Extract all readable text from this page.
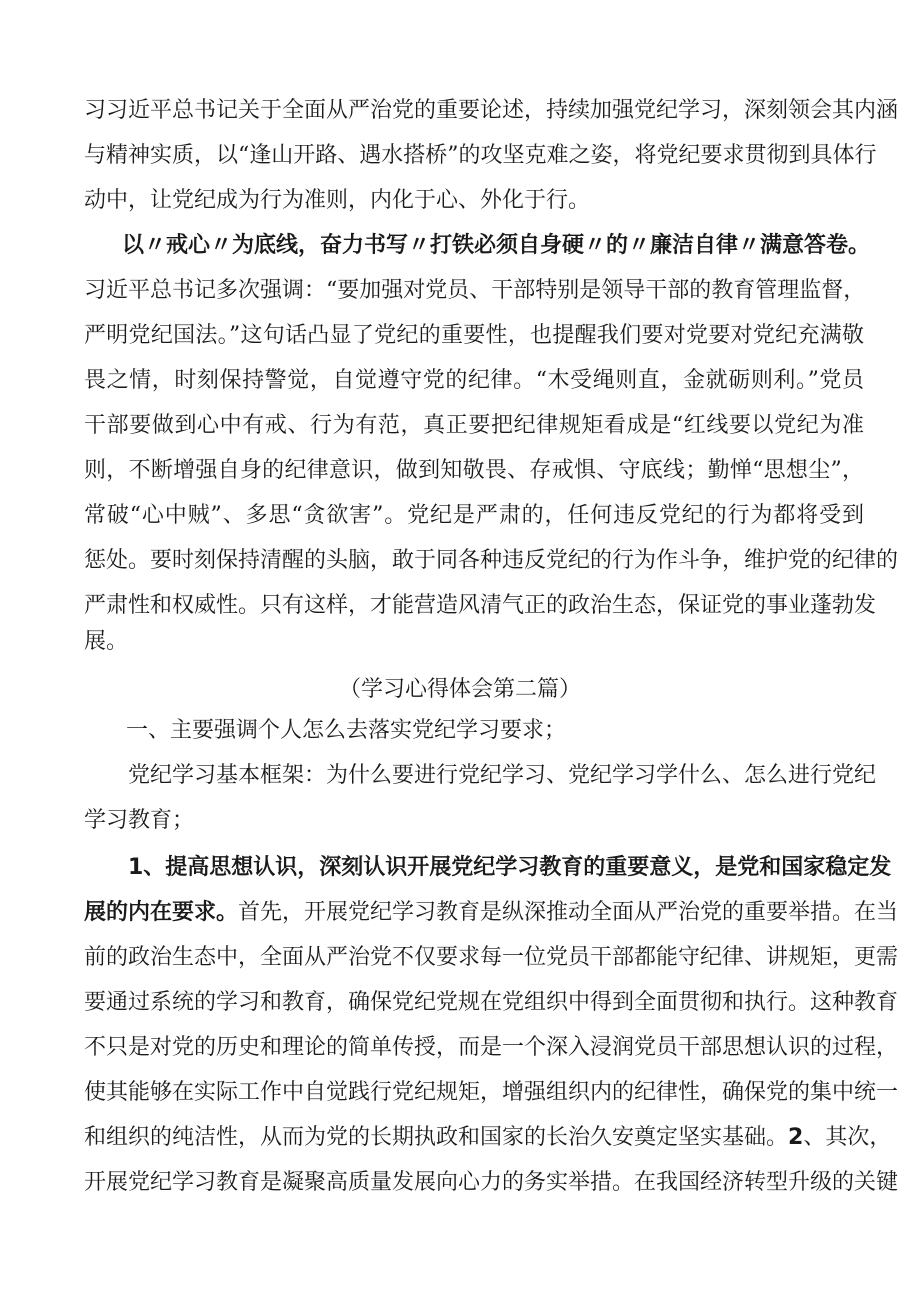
习习近平总书记关于全面从严治党的重要论述，持续加强党纪学习，深刻领会其内涵
与精神实质，以“逢山开路、遇水搭桥”的攻坚克难之姿，将党纪要求贯彻到具体行
动中，让党纪成为行为准则，内化于心、外化于行。
以〃戒心〃为底线，奋力书写〃打铁必须自身硬〃的〃廉洁自律〃满意答卷。
习近平总书记多次强调：“要加强对党员、干部特别是领导干部的教育管理监督，
严明党纪国法。”这句话凸显了党纪的重要性，也提醒我们要对党要对党纪充满敬
畏之情，时刻保持警觉，自觉遵守党的纪律。“木受绳则直，金就砺则利。”党员
干部要做到心中有戒、行为有范，真正要把纪律规矩看成是“红线要以党纪为准
则，不断增强自身的纪律意识，做到知敬畏、存戒惧、守底线；勤惮“思想尘”，
常破“心中贼”、多思“贪欲害”。党纪是严肃的，任何违反党纪的行为都将受到
惩处。要时刻保持清醒的头脑，敢于同各种违反党纪的行为作斗争，维护党的纪律的
严肃性和权威性。只有这样，才能营造风清气正的政治生态，保证党的事业蓬勃发
展。
（学习心得体会第二篇）
一、主要强调个人怎么去落实党纪学习要求；
党纪学习基本框架：为什么要进行党纪学习、党纪学习学什么、怎么进行党纪
学习教育；
1、提高思想认识，深刻认识开展党纪学习教育的重要意义，是党和国家稳定发
展的内在要求。首先，开展党纪学习教育是纵深推动全面从严治党的重要举措。在当
前的政治生态中，全面从严治党不仅要求每一位党员干部都能守纪律、讲规矩，更需
要通过系统的学习和教育，确保党纪党规在党组织中得到全面贯彻和执行。这种教育
不只是对党的历史和理论的简单传授，而是一个深入浸润党员干部思想认识的过程，
使其能够在实际工作中自觉践行党纪规矩，增强组织内的纪律性，确保党的集中统一
和组织的纯洁性，从而为党的长期执政和国家的长治久安奠定坚实基础。2、其次，
开展党纪学习教育是凝聚高质量发展向心力的务实举措。在我国经济转型升级的关键
